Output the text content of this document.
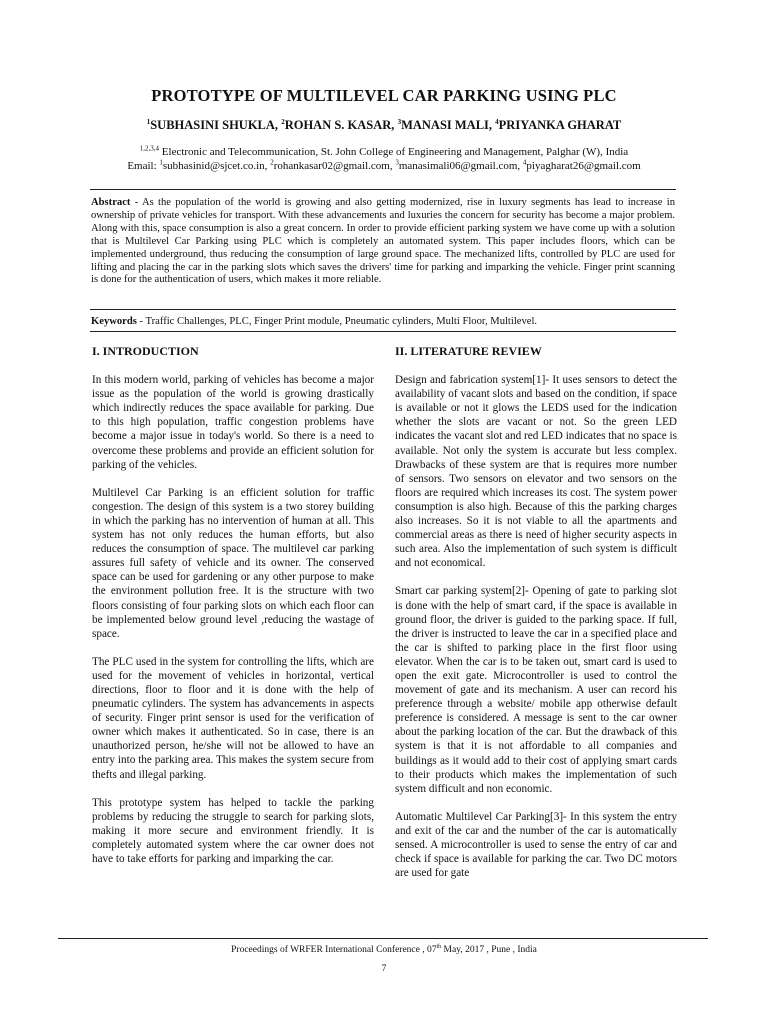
PROTOTYPE OF MULTILEVEL CAR PARKING USING PLC
$^1$SUBHASINI SHUKLA, $^2$ROHAN S. KASAR, $^3$MANASI MALI, $^4$PRIYANKA GHARAT
$^{1,2,3,4}$ Electronic and Telecommunication, St. John College of Engineering and Management, Palghar (W), India
Email: $^1$subhasinid@sjcet.co.in, $^2$rohankasar02@gmail.com, $^3$manasimali06@gmail.com, $^4$piyagharat26@gmail.com
Abstract - As the population of the world is growing and also getting modernized, rise in luxury segments has lead to increase in ownership of private vehicles for transport. With these advancements and luxuries the concern for security has become a major problem. Along with this, space consumption is also a great concern. In order to provide efficient parking system we have come up with a solution that is Multilevel Car Parking using PLC which is completely an automated system. This paper includes floors, which can be implemented underground, thus reducing the consumption of large ground space. The mechanized lifts, controlled by PLC are used for lifting and placing the car in the parking slots which saves the drivers' time for parking and imparking the vehicle. Finger print scanning is done for the authentication of users, which makes it more reliable.
Keywords - Traffic Challenges, PLC, Finger Print module, Pneumatic cylinders, Multi Floor, Multilevel.
I. INTRODUCTION

In this modern world, parking of vehicles has become a major issue as the population of the world is growing drastically which indirectly reduces the space available for parking. Due to this high population, traffic congestion problems have become a major issue in today's world. So there is a need to overcome these problems and provide an efficient solution for parking of the vehicles.

Multilevel Car Parking is an efficient solution for traffic congestion. The design of this system is a two storey building in which the parking has no intervention of human at all. This system has not only reduces the human efforts, but also reduces the consumption of space. The multilevel car parking assures full safety of vehicle and its owner. The conserved space can be used for gardening or any other purpose to make the environment pollution free. It is the structure with two floors consisting of four parking slots on which each floor can be implemented below ground level ,reducing the wastage of space.

The PLC used in the system for controlling the lifts, which are used for the movement of vehicles in horizontal, vertical directions, floor to floor and it is done with the help of pneumatic cylinders. The system has advancements in aspects of security. Finger print sensor is used for the verification of owner which makes it authenticated. So in case, there is an unauthorized person, he/she will not be allowed to have an entry into the parking area. This makes the system secure from thefts and illegal parking.

This prototype system has helped to tackle the parking problems by reducing the struggle to search for parking slots, making it more secure and environment friendly. It is completely automated system where the car owner does not have to take efforts for parking and imparking the car.

II. LITERATURE REVIEW

Design and fabrication system[1]- It uses sensors to detect the availability of vacant slots and based on the condition, if space is available or not it glows the LEDS used for the indication whether the slots are vacant or not. So the green LED indicates the vacant slot and red LED indicates that no space is available. Not only the system is accurate but less complex. Drawbacks of these system are that is requires more number of sensors. Two sensors on elevator and two sensors on the floors are required which increases its cost. The system power consumption is also high. Because of this the parking charges also increases. So it is not viable to all the apartments and commercial areas as there is need of higher security aspects in such area. Also the implementation of such system is difficult and not economical.

Smart car parking system[2]- Opening of gate to parking slot is done with the help of smart card, if the space is available in ground floor, the driver is guided to the parking space. If full, the driver is instructed to leave the car in a specified place and the car is shifted to parking place in the first floor using elevator. When the car is to be taken out, smart card is used to open the exit gate. Microcontroller is used to control the movement of gate and its mechanism. A user can record his preference through a website/ mobile app otherwise default preference is considered. A message is sent to the car owner about the parking location of the car. But the drawback of this system is that it is not affordable to all companies and buildings as it would add to their cost of applying smart cards to their products which makes the implementation of such system difficult and non economic.

Automatic Multilevel Car Parking[3]- In this system the entry and exit of the car and the number of the car is automatically sensed. A microcontroller is used to sense the entry of car and check if space is available for parking the car. Two DC motors are used for gate

Proceedings of WRFER International Conference , 07th May, 2017 , Pune , India
7
